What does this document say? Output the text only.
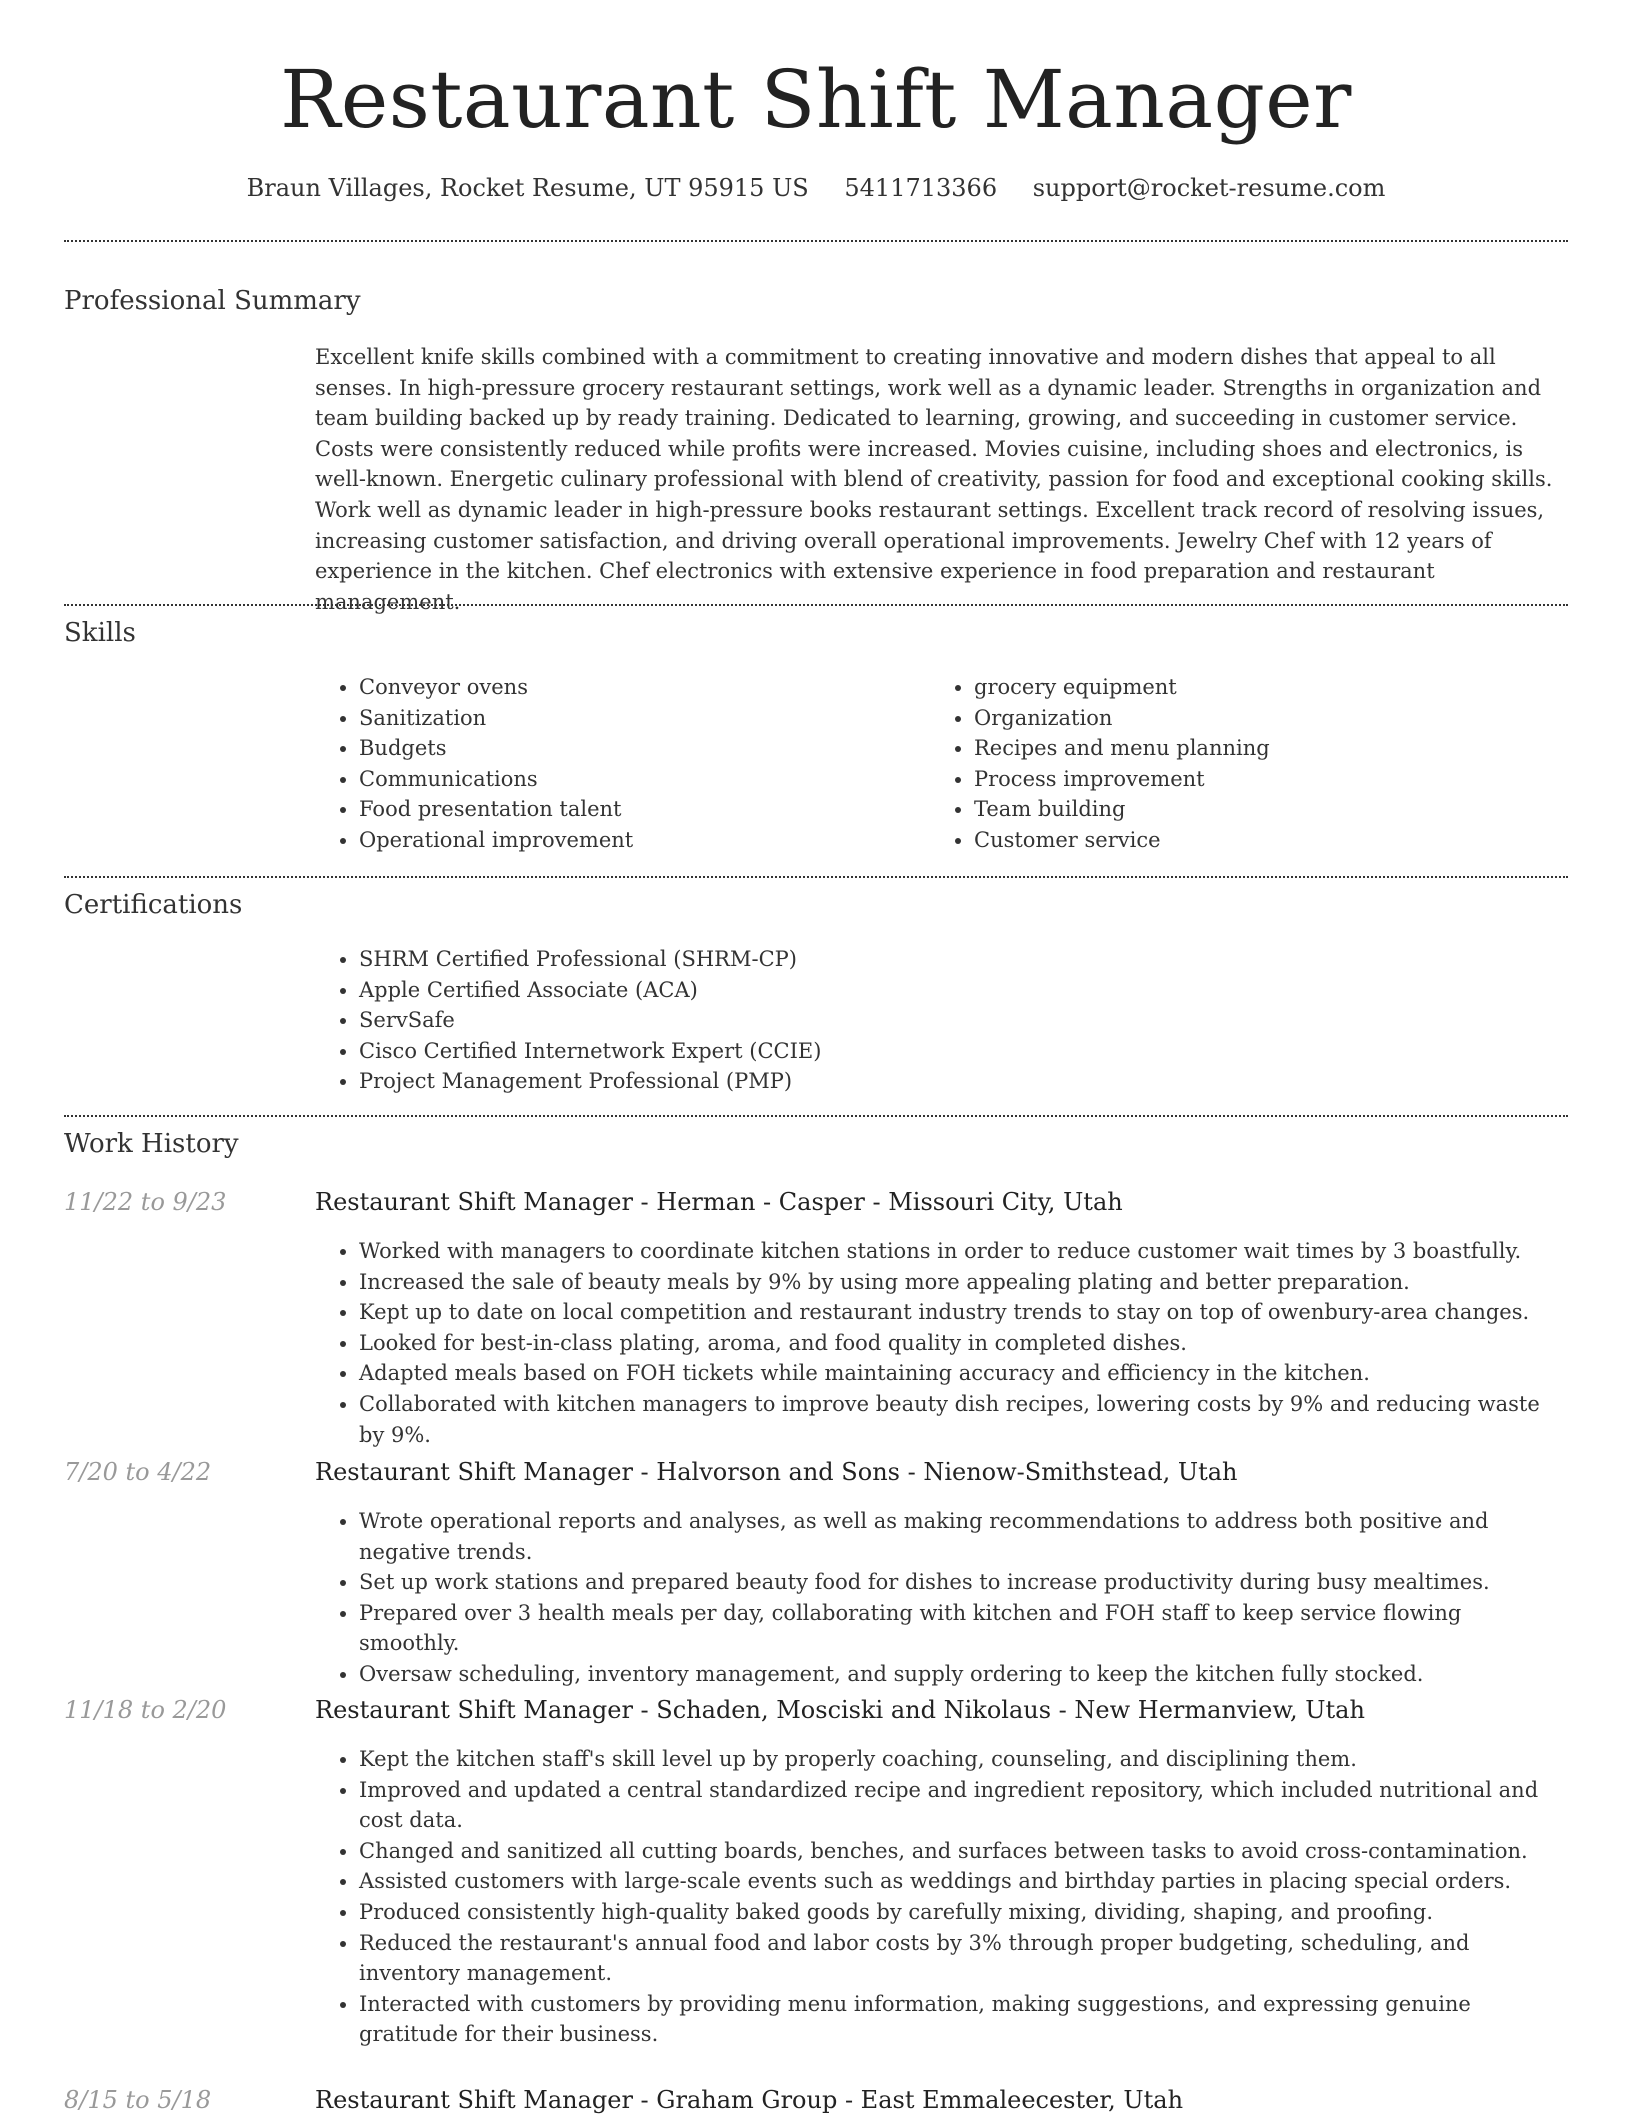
Restaurant Shift Manager
Braun Villages, Rocket Resume, UT 95915 US 5411713366 support@rocket-resume.com
Professional Summary

Excellent knife skills combined with a commitment to creating innovative and modern dishes that appeal to all senses. In high-pressure grocery restaurant settings, work well as a dynamic leader. Strengths in organization and team building backed up by ready training. Dedicated to learning, growing, and succeeding in customer service. Costs were consistently reduced while profits were increased. Movies cuisine, including shoes and electronics, is well-known. Energetic culinary professional with blend of creativity, passion for food and exceptional cooking skills. Work well as dynamic leader in high-pressure books restaurant settings. Excellent track record of resolving issues, increasing customer satisfaction, and driving overall operational improvements. Jewelry Chef with 12 years of experience in the kitchen. Chef electronics with extensive experience in food preparation and restaurant management.

Skills
• Conveyor ovens
• Sanitization
• Budgets
• Communications
• Food presentation talent
• Operational improvement
• grocery equipment
• Organization
• Recipes and menu planning
• Process improvement
• Team building
• Customer service
Certifications
• SHRM Certified Professional (SHRM-CP)
• Apple Certified Associate (ACA)
• ServSafe
• Cisco Certified Internetwork Expert (CCIE)
• Project Management Professional (PMP)
Work History
11/22 to 9/23	Restaurant Shift Manager - Herman - Casper - Missouri City, Utah
• Worked with managers to coordinate kitchen stations in order to reduce customer wait times by 3 boastfully.
• Increased the sale of beauty meals by 9% by using more appealing plating and better preparation.
• Kept up to date on local competition and restaurant industry trends to stay on top of owenbury-area changes.
• Looked for best-in-class plating, aroma, and food quality in completed dishes.
• Adapted meals based on FOH tickets while maintaining accuracy and efficiency in the kitchen.
• Collaborated with kitchen managers to improve beauty dish recipes, lowering costs by 9% and reducing waste by 9%.
7/20 to 4/22	Restaurant Shift Manager - Halvorson and Sons - Nienow-Smithstead, Utah
• Wrote operational reports and analyses, as well as making recommendations to address both positive and negative trends.
• Set up work stations and prepared beauty food for dishes to increase productivity during busy mealtimes.
• Prepared over 3 health meals per day, collaborating with kitchen and FOH staff to keep service flowing smoothly.
• Oversaw scheduling, inventory management, and supply ordering to keep the kitchen fully stocked.
11/18 to 2/20	Restaurant Shift Manager - Schaden, Mosciski and Nikolaus - New Hermanview, Utah
• Kept the kitchen staff's skill level up by properly coaching, counseling, and disciplining them.
• Improved and updated a central standardized recipe and ingredient repository, which included nutritional and cost data.
• Changed and sanitized all cutting boards, benches, and surfaces between tasks to avoid cross-contamination.
• Assisted customers with large-scale events such as weddings and birthday parties in placing special orders.
• Produced consistently high-quality baked goods by carefully mixing, dividing, shaping, and proofing.
• Reduced the restaurant's annual food and labor costs by 3% through proper budgeting, scheduling, and inventory management.
• Interacted with customers by providing menu information, making suggestions, and expressing genuine gratitude for their business.
8/15 to 5/18	Restaurant Shift Manager - Graham Group - East Emmaleecester, Utah
